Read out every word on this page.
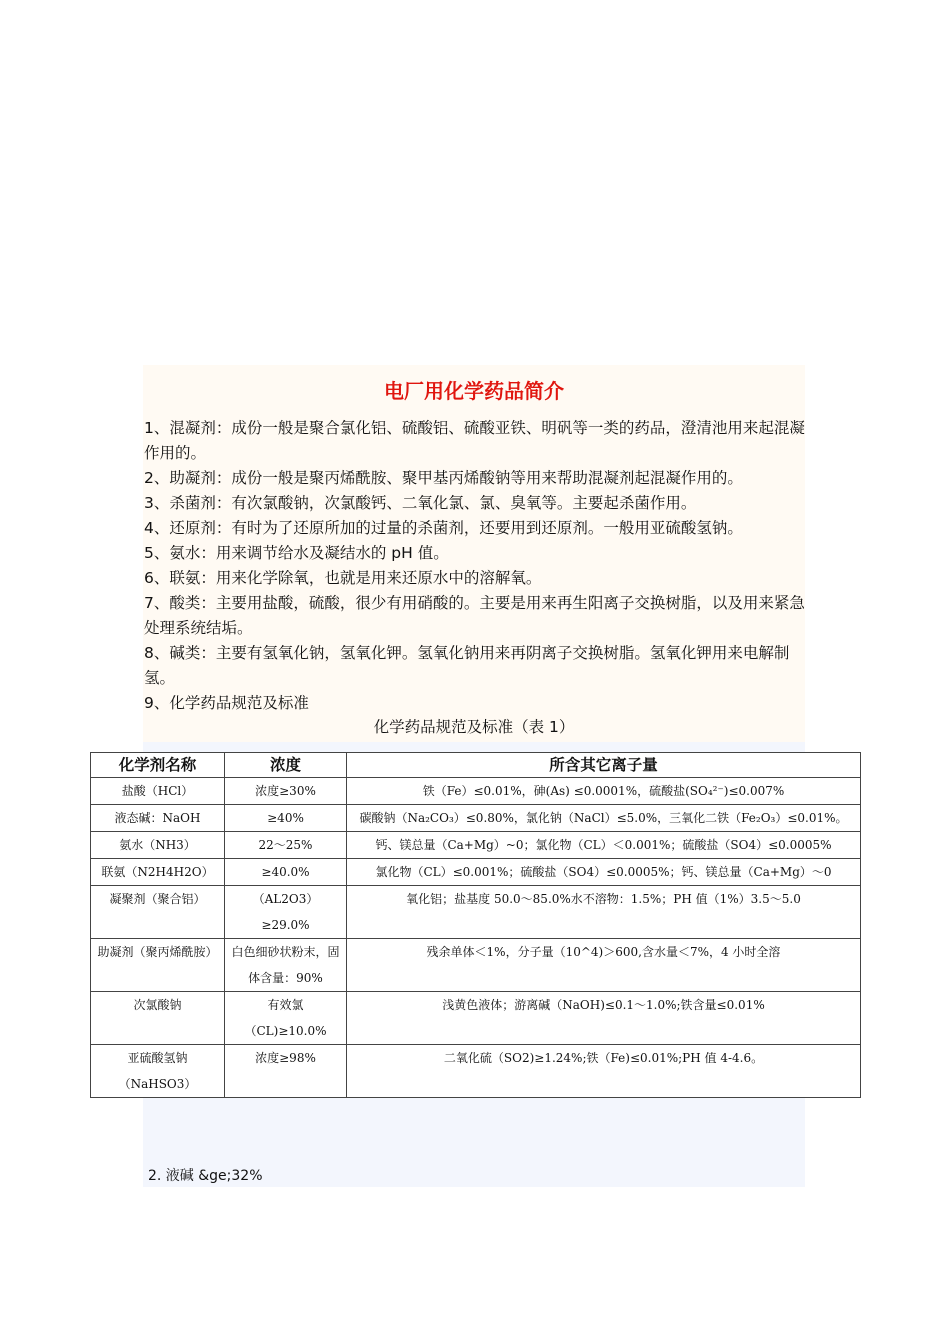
电厂用化学药品简介

1、混凝剂：成份一般是聚合氯化铝、硫酸铝、硫酸亚铁、明矾等一类的药品，澄清池用来起混凝作用的。

2、助凝剂：成份一般是聚丙烯酰胺、聚甲基丙烯酸钠等用来帮助混凝剂起混凝作用的。

3、杀菌剂：有次氯酸钠，次氯酸钙、二氧化氯、氯、臭氧等。主要起杀菌作用。

4、还原剂：有时为了还原所加的过量的杀菌剂，还要用到还原剂。一般用亚硫酸氢钠。

5、氨水：用来调节给水及凝结水的 pH 值。

6、联氨：用来化学除氧，也就是用来还原水中的溶解氧。

7、酸类：主要用盐酸，硫酸，很少有用硝酸的。主要是用来再生阳离子交换树脂，以及用来紧急处理系统结垢。

8、碱类：主要有氢氧化钠，氢氧化钾。氢氧化钠用来再阴离子交换树脂。氢氧化钾用来电解制氢。

9、化学药品规范及标准

化学药品规范及标准（表 1）
化学剂名称	浓度	所含其它离子量
盐酸（HCl）	浓度≥30%	铁（Fe）≤0.01%，砷(As) ≤0.0001%，硫酸盐(SO₄²⁻)≤0.007%
液态碱：NaOH	≥40%	碳酸钠（Na₂CO₃）≤0.80%，氯化钠（NaCl）≤5.0%，三氧化二铁（Fe₂O₃）≤0.01%。
氨水（NH3）	22～25%	钙、镁总量（Ca+Mg）~0；氯化物（CL）＜0.001%；硫酸盐（SO4）≤0.0005%
联氨（N2H4H2O）	≥40.0%	氯化物（CL）≤0.001%；硫酸盐（SO4）≤0.0005%；钙、镁总量（Ca+Mg）～0
凝聚剂（聚合铝）	（AL2O3）≥29.0%	氧化铝；盐基度 50.0～85.0%水不溶物：1.5%；PH 值（1%）3.5～5.0
助凝剂（聚丙烯酰胺）	白色细砂状粉末，固体含量：90%	残余单体＜1%，分子量（10^4)＞600,含水量＜7%，4 小时全溶
次氯酸钠	有效氯（CL)≥10.0%	浅黄色液体；游离碱（NaOH)≤0.1～1.0%;铁含量≤0.01%
亚硫酸氢钠（NaHSO3）	浓度≥98%	二氧化硫（SO2)≥1.24%;铁（Fe)≤0.01%;PH 值 4-4.6。
2. 液碱 &ge;32%
